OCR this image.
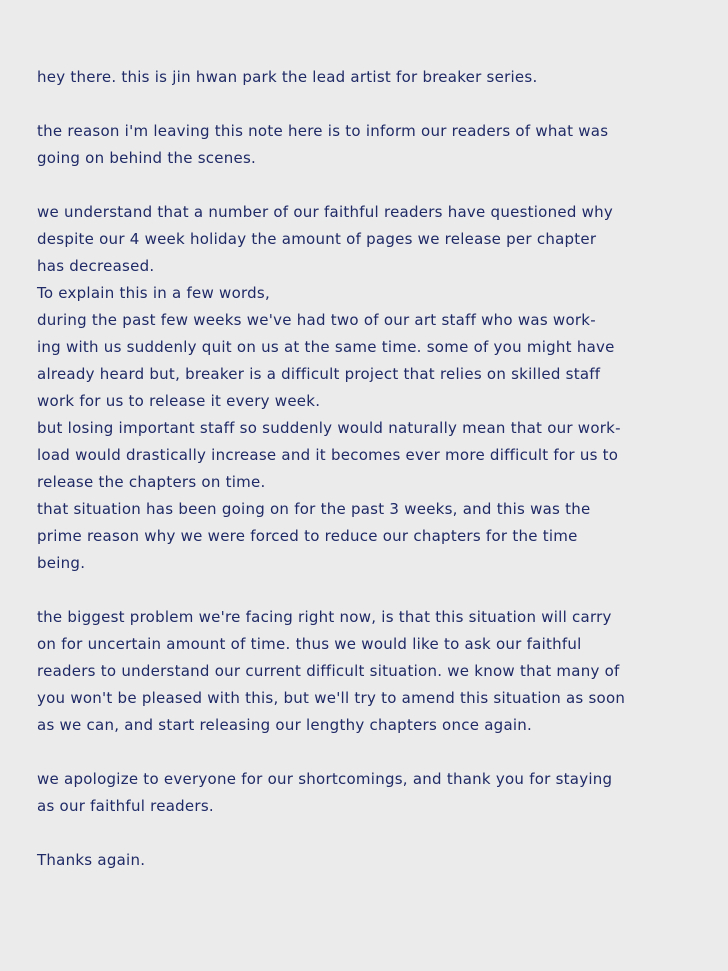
hey there. this is jin hwan park the lead artist for breaker series.
the reason i'm leaving this note here is to inform our readers of what was
going on behind the scenes.
we understand that a number of our faithful readers have questioned why
despite our 4 week holiday the amount of pages we release per chapter
has decreased.
To explain this in a few words,
during the past few weeks we've had two of our art staff who was work-
ing with us suddenly quit on us at the same time. some of you might have
already heard but, breaker is a difficult project that relies on skilled staff
work for us to release it every week.
but losing important staff so suddenly would naturally mean that our work-
load would drastically increase and it becomes ever more difficult for us to
release the chapters on time.
that situation has been going on for the past 3 weeks, and this was the
prime reason why we were forced to reduce our chapters for the time
being.
the biggest problem we're facing right now, is that this situation will carry
on for uncertain amount of time. thus we would like to ask our faithful
readers to understand our current difficult situation. we know that many of
you won't be pleased with this, but we'll try to amend this situation as soon
as we can, and start releasing our lengthy chapters once again.
we apologize to everyone for our shortcomings, and thank you for staying
as our faithful readers.
Thanks again.
